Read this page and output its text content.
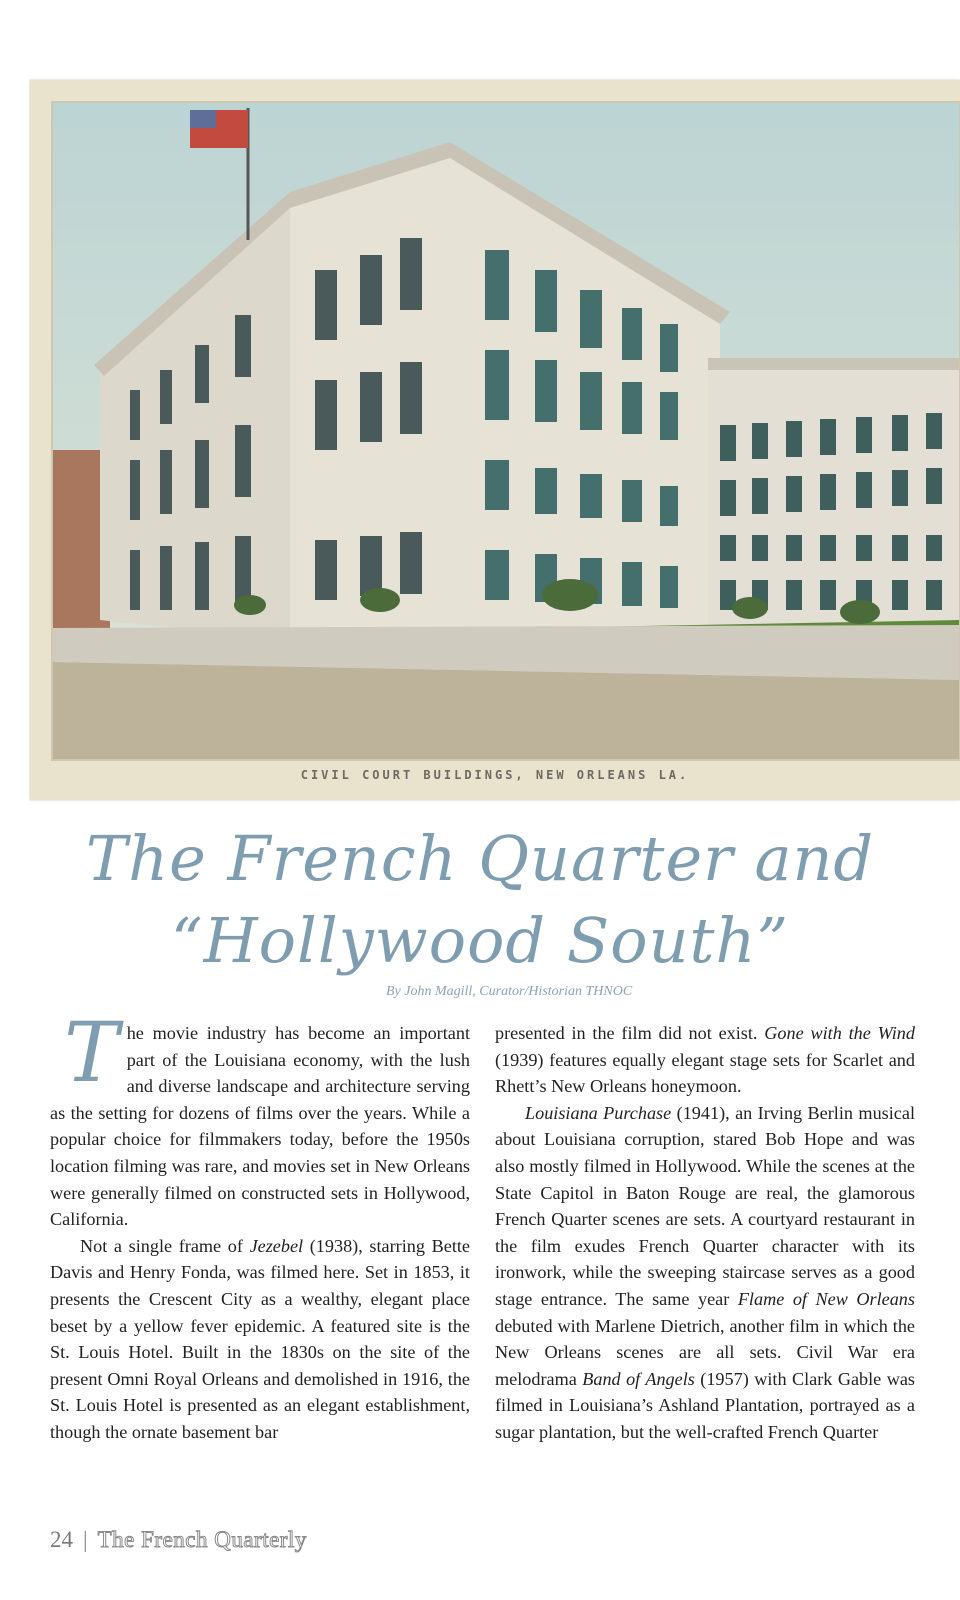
CIVIL COURT BUILDINGS, NEW ORLEANS LA.
The French Quarter and
“Hollywood South”
By John Magill, Curator/Historian THNOC

The movie industry has become an important part of the Louisiana economy, with the lush and diverse landscape and architecture serving as the setting for dozens of films over the years. While a popular choice for filmmakers today, before the 1950s location filming was rare, and movies set in New Orleans were generally filmed on constructed sets in Hollywood, California.

Not a single frame of Jezebel (1938), starring Bette Davis and Henry Fonda, was filmed here. Set in 1853, it presents the Crescent City as a wealthy, elegant place beset by a yellow fever epidemic. A featured site is the St. Louis Hotel. Built in the 1830s on the site of the present Omni Royal Orleans and demolished in 1916, the St. Louis Hotel is presented as an elegant establishment, though the ornate basement bar

presented in the film did not exist. Gone with the Wind (1939) features equally elegant stage sets for Scarlet and Rhett’s New Orleans honeymoon.

Louisiana Purchase (1941), an Irving Berlin musical about Louisiana corruption, stared Bob Hope and was also mostly filmed in Hollywood. While the scenes at the State Capitol in Baton Rouge are real, the glamorous French Quarter scenes are sets. A courtyard restaurant in the film exudes French Quarter character with its ironwork, while the sweeping staircase serves as a good stage entrance. The same year Flame of New Orleans debuted with Marlene Dietrich, another film in which the New Orleans scenes are all sets. Civil War era melodrama Band of Angels (1957) with Clark Gable was filmed in Louisiana’s Ashland Plantation, portrayed as a sugar plantation, but the well-crafted French Quarter

24 | The French Quarterly
